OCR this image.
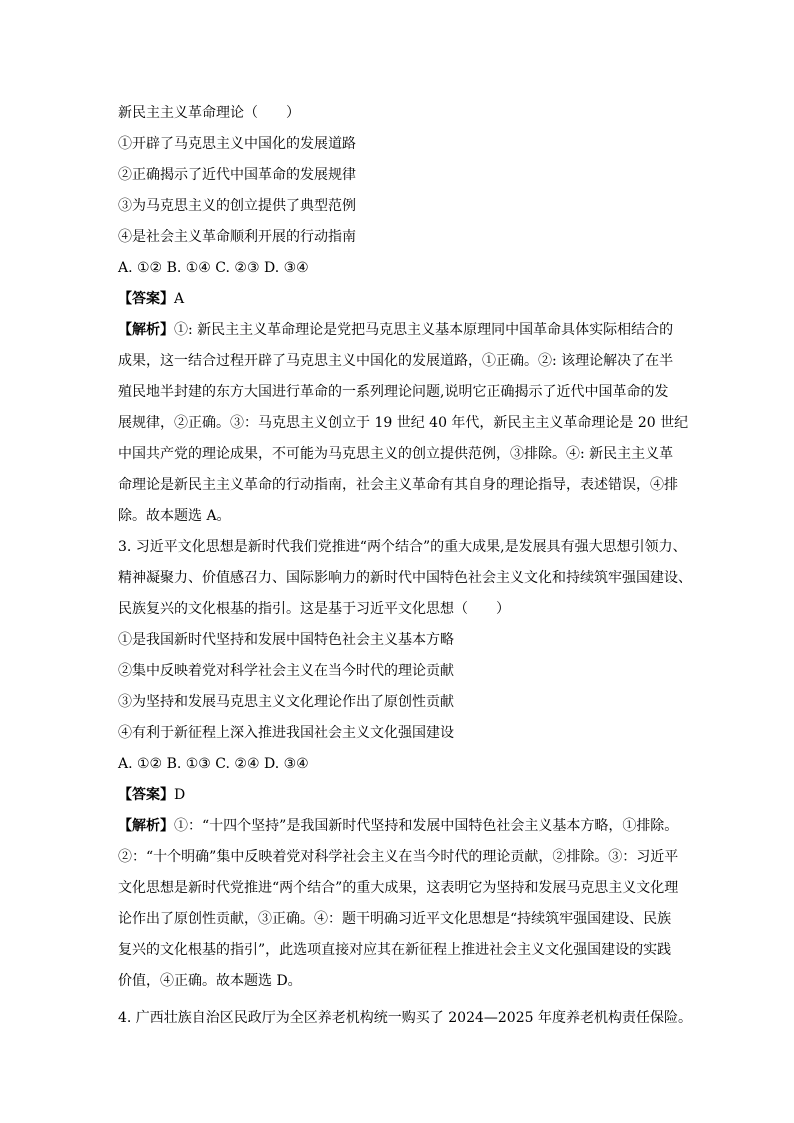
新民主主义革命理论（　　）
①开辟了马克思主义中国化的发展道路
②正确揭示了近代中国革命的发展规律
③为马克思主义的创立提供了典型范例
④是社会主义革命顺利开展的行动指南
A. ①② B. ①④ C. ②③ D. ③④
【答案】A
【解析】①: 新民主主义革命理论是党把马克思主义基本原理同中国革命具体实际相结合的
成果，这一结合过程开辟了马克思主义中国化的发展道路，①正确。②: 该理论解决了在半
殖民地半封建的东方大国进行革命的一系列理论问题,说明它正确揭示了近代中国革命的发
展规律，②正确。③：马克思主义创立于 19 世纪 40 年代，新民主主义革命理论是 20 世纪
中国共产党的理论成果，不可能为马克思主义的创立提供范例，③排除。④: 新民主主义革
命理论是新民主主义革命的行动指南，社会主义革命有其自身的理论指导，表述错误，④排
除。故本题选 A。
3. 习近平文化思想是新时代我们党推进“两个结合”的重大成果,是发展具有强大思想引领力、
精神凝聚力、价值感召力、国际影响力的新时代中国特色社会主义文化和持续筑牢强国建设、
民族复兴的文化根基的指引。这是基于习近平文化思想（　　）
①是我国新时代坚持和发展中国特色社会主义基本方略
②集中反映着党对科学社会主义在当今时代的理论贡献
③为坚持和发展马克思主义文化理论作出了原创性贡献
④有利于新征程上深入推进我国社会主义文化强国建设
A. ①② B. ①③ C. ②④ D. ③④
【答案】D
【解析】①：“十四个坚持”是我国新时代坚持和发展中国特色社会主义基本方略，①排除。
②：“十个明确”集中反映着党对科学社会主义在当今时代的理论贡献，②排除。③：习近平
文化思想是新时代党推进“两个结合”的重大成果，这表明它为坚持和发展马克思主义文化理
论作出了原创性贡献，③正确。④：题干明确习近平文化思想是“持续筑牢强国建设、民族
复兴的文化根基的指引”，此选项直接对应其在新征程上推进社会主义文化强国建设的实践
价值，④正确。故本题选 D。
4. 广西壮族自治区民政厅为全区养老机构统一购买了 2024—2025 年度养老机构责任保险。
